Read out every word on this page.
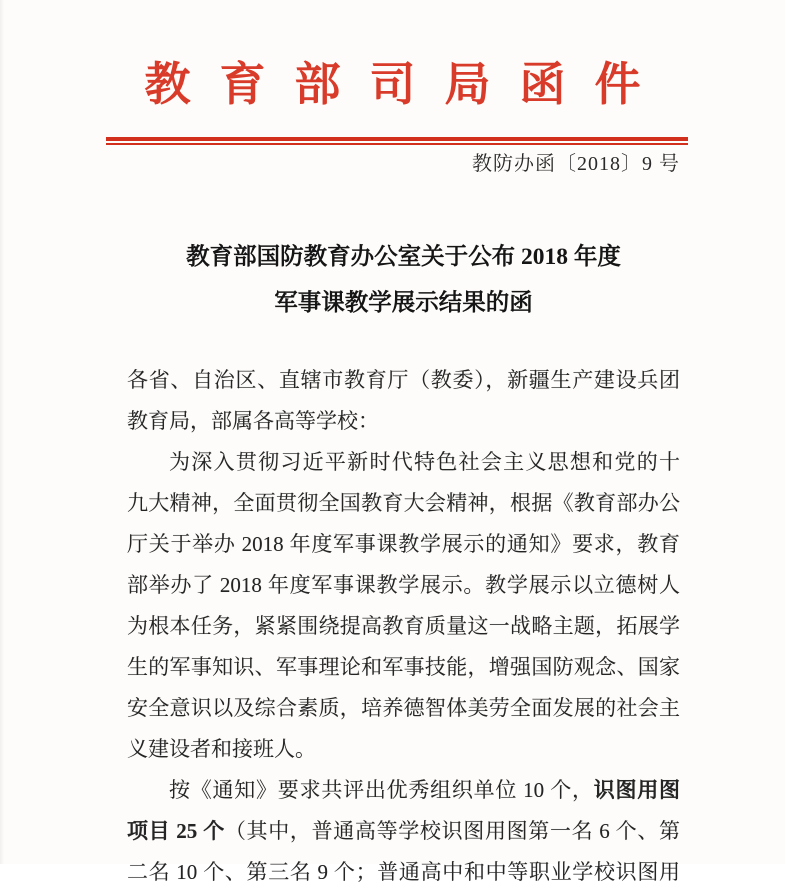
教育部司局函件
教防办函〔2018〕9 号
教育部国防教育办公室关于公布 2018 年度
军事课教学展示结果的函
各省、自治区、直辖市教育厅（教委），新疆生产建设兵团
教育局，部属各高等学校：
为深入贯彻习近平新时代特色社会主义思想和党的十
九大精神，全面贯彻全国教育大会精神，根据《教育部办公
厅关于举办 2018 年度军事课教学展示的通知》要求，教育
部举办了 2018 年度军事课教学展示。教学展示以立德树人
为根本任务，紧紧围绕提高教育质量这一战略主题，拓展学
生的军事知识、军事理论和军事技能，增强国防观念、国家
安全意识以及综合素质，培养德智体美劳全面发展的社会主
义建设者和接班人。
按《通知》要求共评出优秀组织单位 10 个，识图用图
项目 25 个（其中，普通高等学校识图用图第一名 6 个、第
二名 10 个、第三名 9 个；普通高中和中等职业学校识图用
